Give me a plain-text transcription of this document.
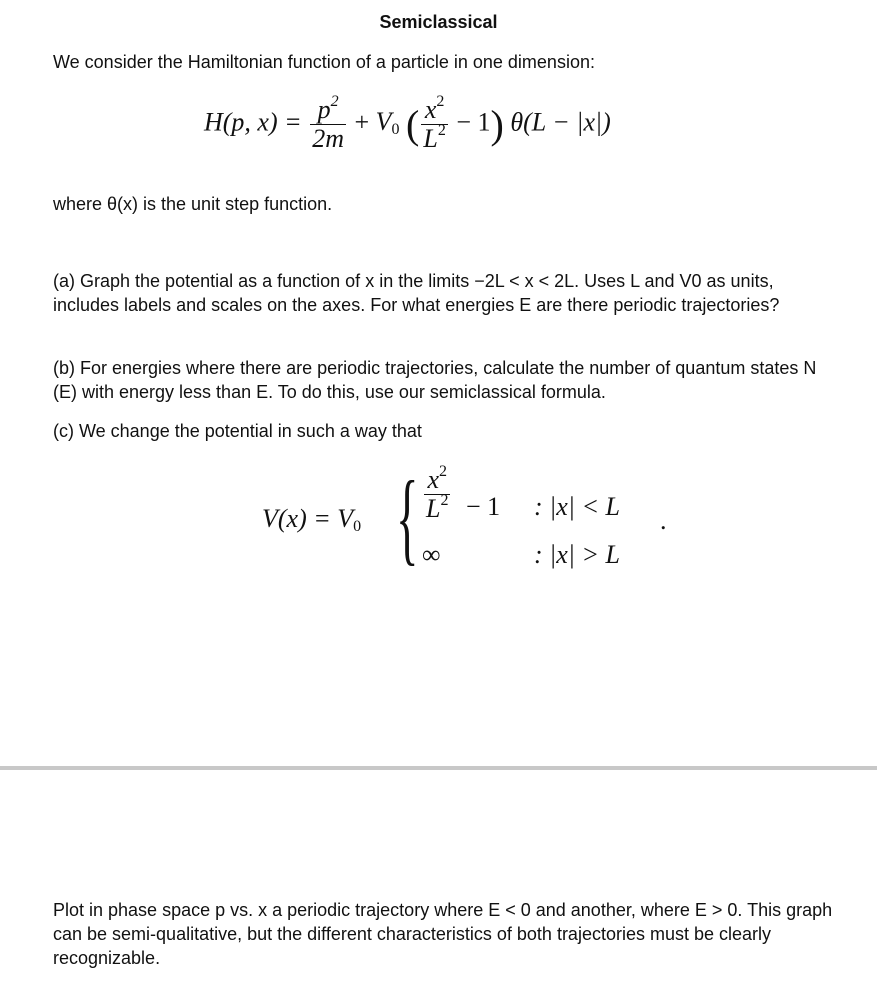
Semiclassical
We consider the Hamiltonian function of a particle in one dimension:
H(p, $x) = \frac{p^2}{2m} + V_0$ ( $\frac{x^2}{L^2} - 1$) θ(L − |x|)
where θ(x) is the unit step function.
(a) Graph the potential as a function of x in the limits −2L < x < 2L. Uses L and V0 as units, includes labels and scales on the axes. For what energies E are there periodic trajectories?
(b) For energies where there are periodic trajectories, calculate the number of quantum states N (E) with energy less than E. To do this, use our semiclassical formula.
(c) We change the potential in such a way that
$V(x) = V_0$ { $\frac{x^2}{L^2} - 1$ : |x| < L .
∞	: |x| > L
Plot in phase space p vs. x a periodic trajectory where E < 0 and another, where E > 0. This graph can be semi-qualitative, but the different characteristics of both trajectories must be clearly recognizable.
